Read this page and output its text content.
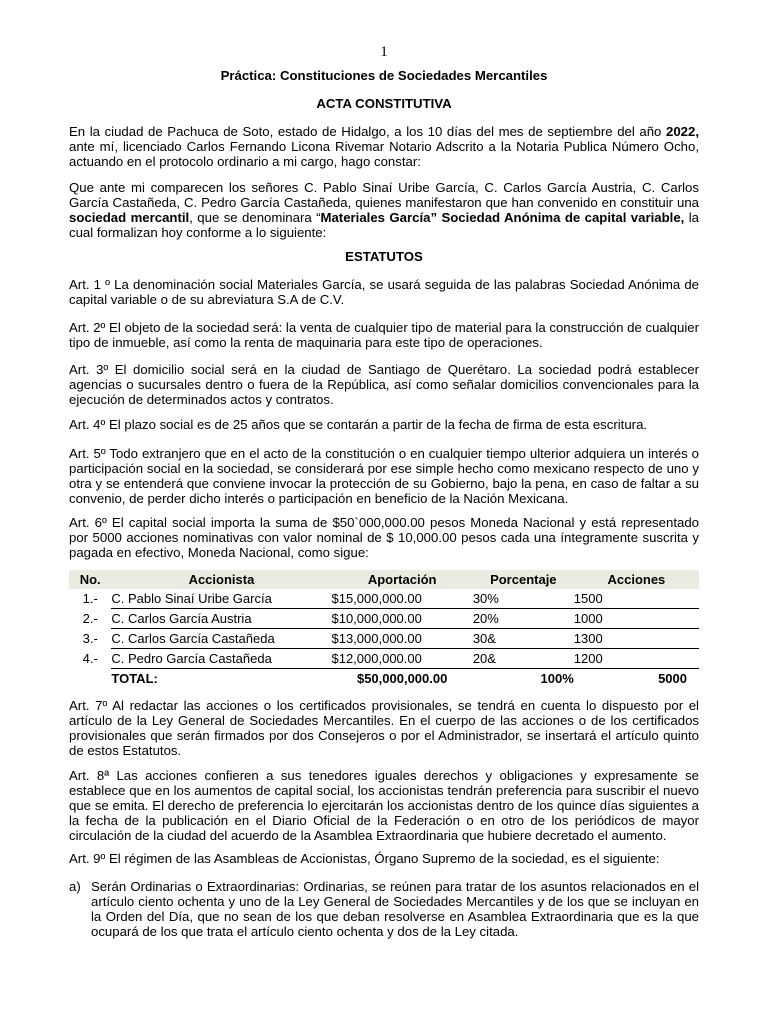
1
Práctica: Constituciones de Sociedades Mercantiles
ACTA CONSTITUTIVA
En la ciudad de Pachuca de Soto, estado de Hidalgo, a los 10 días del mes de septiembre del año 2022, ante mí, licenciado Carlos Fernando Licona Rivemar Notario Adscrito a la Notaria Publica Número Ocho, actuando en el protocolo ordinario a mi cargo, hago constar:
Que ante mi comparecen los señores C. Pablo Sinaí Uribe García, C. Carlos García Austria, C. Carlos García Castañeda, C. Pedro García Castañeda, quienes manifestaron que han convenido en constituir una sociedad mercantil, que se denominara “Materiales García” Sociedad Anónima de capital variable, la cual formalizan hoy conforme a lo siguiente:
ESTATUTOS
Art. 1 º La denominación social Materiales García, se usará seguida de las palabras Sociedad Anónima de capital variable o de su abreviatura S.A de C.V.
Art. 2º El objeto de la sociedad será: la venta de cualquier tipo de material para la construcción de cualquier tipo de inmueble, así como la renta de maquinaria para este tipo de operaciones.
Art. 3º El domicilio social será en la ciudad de Santiago de Querétaro. La sociedad podrá establecer agencias o sucursales dentro o fuera de la República, así como señalar domicilios convencionales para la ejecución de determinados actos y contratos.
Art. 4º El plazo social es de 25 años que se contarán a partir de la fecha de firma de esta escritura.
Art. 5º Todo extranjero que en el acto de la constitución o en cualquier tiempo ulterior adquiera un interés o participación social en la sociedad, se considerará por ese simple hecho como mexicano respecto de uno y otra y se entenderá que conviene invocar la protección de su Gobierno, bajo la pena, en caso de faltar a su convenio, de perder dicho interés o participación en beneficio de la Nación Mexicana.
Art. 6º El capital social importa la suma de $50`000,000.00 pesos Moneda Nacional y está representado por 5000 acciones nominativas con valor nominal de $ 10,000.00 pesos cada una íntegramente suscrita y pagada en efectivo, Moneda Nacional, como sigue:
No.	Accionista	Aportación	Porcentaje	Acciones
1.-	C. Pablo Sinaí Uribe García	$15,000,000.00	30%	1500
2.-	C. Carlos García Austria	$10,000,000.00	20%	1000
3.-	C. Carlos García Castañeda	$13,000,000.00	30&	1300
4.-	C. Pedro García Castañeda	$12,000,000.00	20&	1200
	TOTAL:	$50,000,000.00	100%	5000
Art. 7º Al redactar las acciones o los certificados provisionales, se tendrá en cuenta lo dispuesto por el artículo de la Ley General de Sociedades Mercantiles. En el cuerpo de las acciones o de los certificados provisionales que serán firmados por dos Consejeros o por el Administrador, se insertará el artículo quinto de estos Estatutos.
Art. 8ª Las acciones confieren a sus tenedores iguales derechos y obligaciones y expresamente se establece que en los aumentos de capital social, los accionistas tendrán preferencia para suscribir el nuevo que se emita. El derecho de preferencia lo ejercitarán los accionistas dentro de los quince días siguientes a la fecha de la publicación en el Diario Oficial de la Federación o en otro de los periódicos de mayor circulación de la ciudad del acuerdo de la Asamblea Extraordinaria que hubiere decretado el aumento.
Art. 9º El régimen de las Asambleas de Accionistas, Órgano Supremo de la sociedad, es el siguiente:
a) Serán Ordinarias o Extraordinarias: Ordinarias, se reúnen para tratar de los asuntos relacionados en el artículo ciento ochenta y uno de la Ley General de Sociedades Mercantiles y de los que se incluyan en la Orden del Día, que no sean de los que deban resolverse en Asamblea Extraordinaria que es la que ocupará de los que trata el artículo ciento ochenta y dos de la Ley citada.
